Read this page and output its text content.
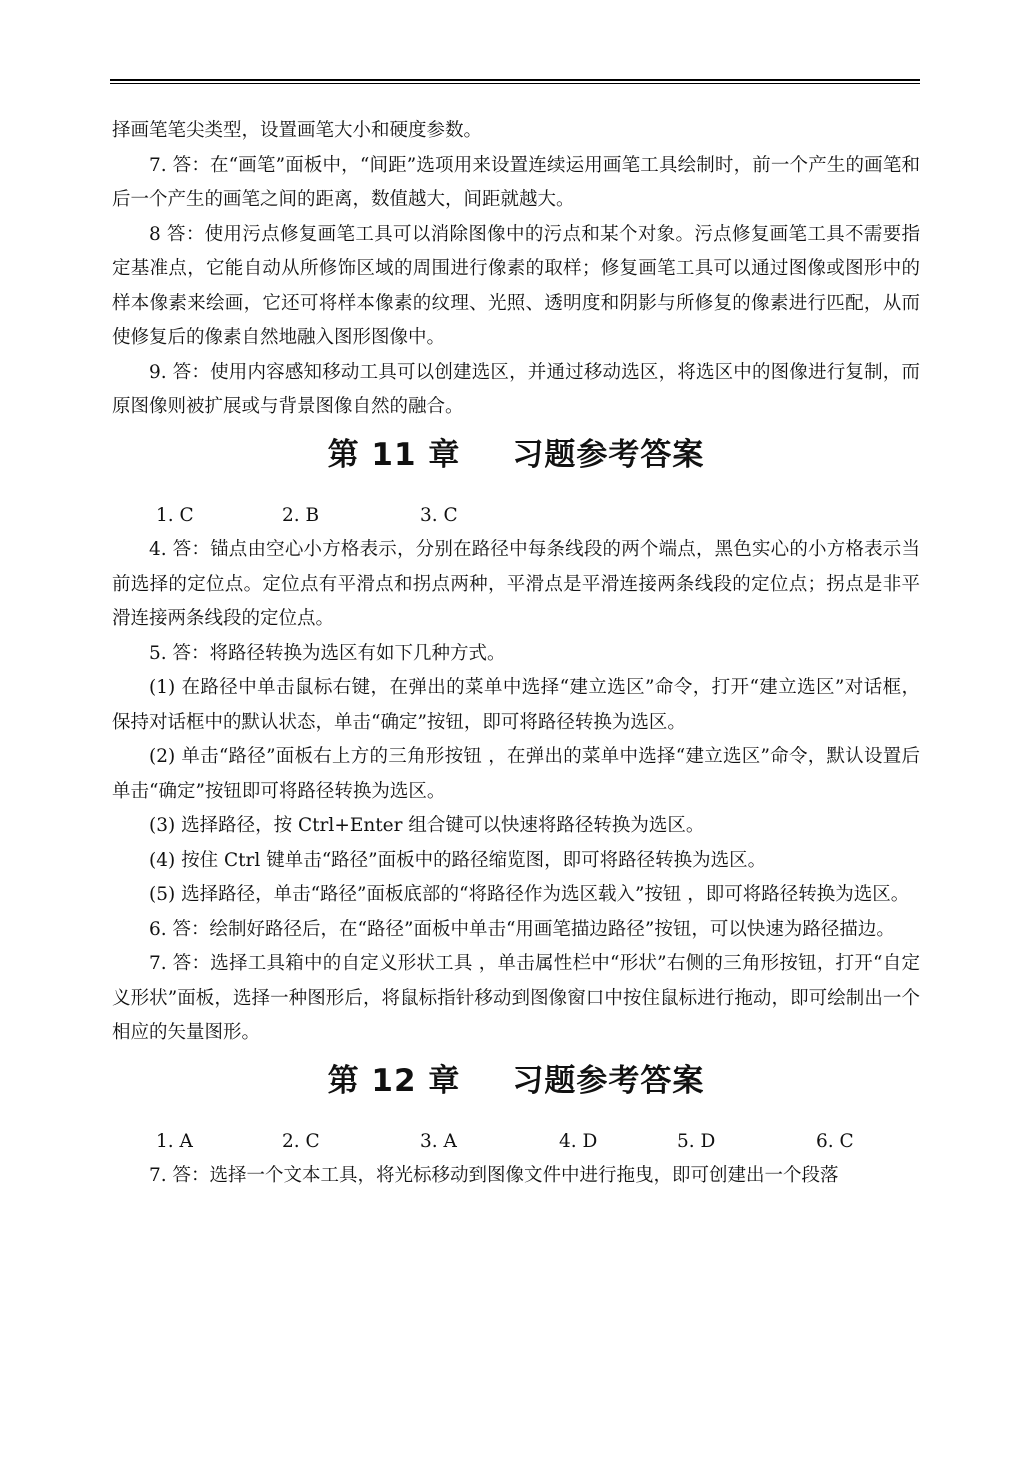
择画笔笔尖类型，设置画笔大小和硬度参数。

7. 答：在“画笔”面板中，“间距”选项用来设置连续运用画笔工具绘制时，前一个产生的画笔和后一个产生的画笔之间的距离，数值越大，间距就越大。

8 答：使用污点修复画笔工具可以消除图像中的污点和某个对象。污点修复画笔工具不需要指定基准点，它能自动从所修饰区域的周围进行像素的取样；修复画笔工具可以通过图像或图形中的样本像素来绘画，它还可将样本像素的纹理、光照、透明度和阴影与所修复的像素进行匹配，从而使修复后的像素自然地融入图形图像中。

9. 答：使用内容感知移动工具可以创建选区，并通过移动选区，将选区中的图像进行复制，而原图像则被扩展或与背景图像自然的融合。

第 11 章 习题参考答案
1. C	2. B	3. C

4. 答：锚点由空心小方格表示，分别在路径中每条线段的两个端点，黑色实心的小方格表示当前选择的定位点。定位点有平滑点和拐点两种，平滑点是平滑连接两条线段的定位点；拐点是非平滑连接两条线段的定位点。

5. 答：将路径转换为选区有如下几种方式。

(1) 在路径中单击鼠标右键，在弹出的菜单中选择“建立选区”命令，打开“建立选区”对话框，保持对话框中的默认状态，单击“确定”按钮，即可将路径转换为选区。

(2) 单击“路径”面板右上方的三角形按钮 ，在弹出的菜单中选择“建立选区”命令，默认设置后单击“确定”按钮即可将路径转换为选区。

(3) 选择路径，按 Ctrl+Enter 组合键可以快速将路径转换为选区。

(4) 按住 Ctrl 键单击“路径”面板中的路径缩览图，即可将路径转换为选区。

(5) 选择路径，单击“路径”面板底部的“将路径作为选区载入”按钮 ，即可将路径转换为选区。

6. 答：绘制好路径后，在“路径”面板中单击“用画笔描边路径”按钮，可以快速为路径描边。

7. 答：选择工具箱中的自定义形状工具 ，单击属性栏中“形状”右侧的三角形按钮，打开“自定义形状”面板，选择一种图形后，将鼠标指针移动到图像窗口中按住鼠标进行拖动，即可绘制出一个相应的矢量图形。

第 12 章 习题参考答案
1. A	2. C	3. A	4. D	5. D	6. C

7. 答：选择一个文本工具，将光标移动到图像文件中进行拖曳，即可创建出一个段落
